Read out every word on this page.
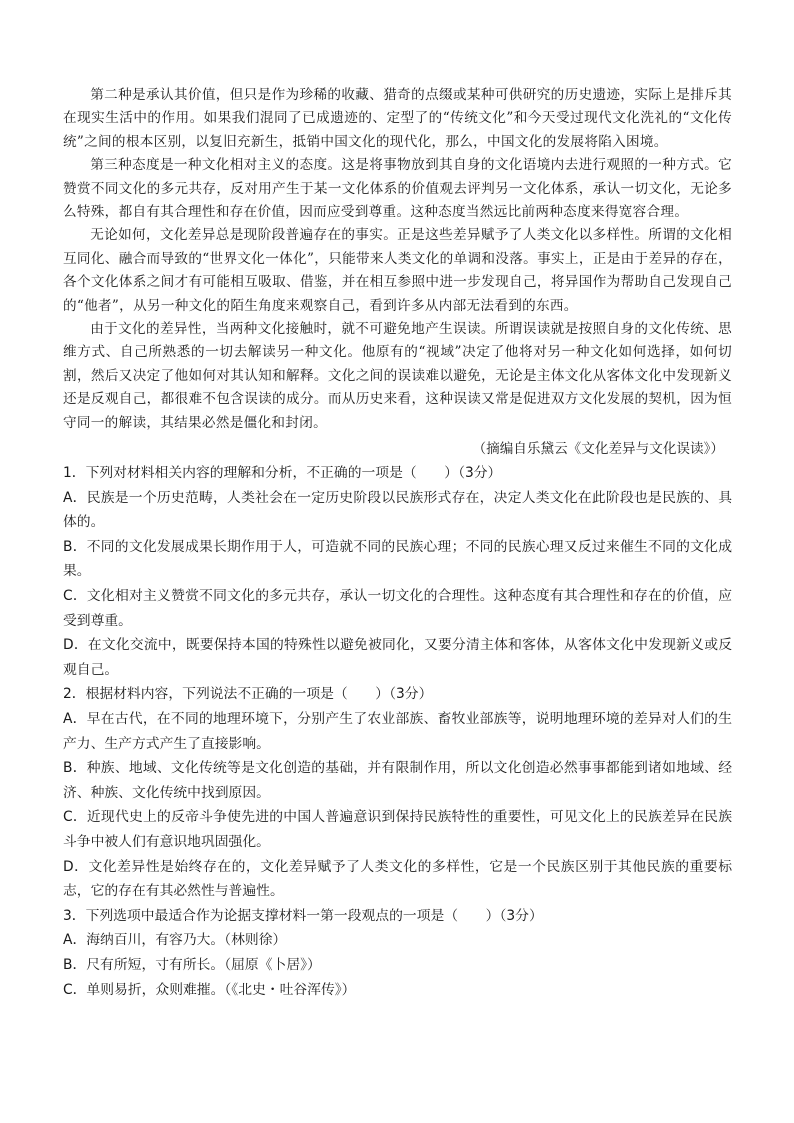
第二种是承认其价值，但只是作为珍稀的收藏、猎奇的点缀或某种可供研究的历史遗迹，实际上是排斥其在现实生活中的作用。如果我们混同了已成遗迹的、定型了的“传统文化”和今天受过现代文化洗礼的“文化传统”之间的根本区别，以复旧充新生，抵销中国文化的现代化，那么，中国文化的发展将陷入困境。

第三种态度是一种文化相对主义的态度。这是将事物放到其自身的文化语境内去进行观照的一种方式。它赞赏不同文化的多元共存，反对用产生于某一文化体系的价值观去评判另一文化体系，承认一切文化，无论多么特殊，都自有其合理性和存在价值，因而应受到尊重。这种态度当然远比前两种态度来得宽容合理。

无论如何，文化差异总是现阶段普遍存在的事实。正是这些差异赋予了人类文化以多样性。所谓的文化相互同化、融合而导致的“世界文化一体化”，只能带来人类文化的单调和没落。事实上，正是由于差异的存在，各个文化体系之间才有可能相互吸取、借鉴，并在相互参照中进一步发现自己，将异国作为帮助自己发现自己的“他者”，从另一种文化的陌生角度来观察自己，看到许多从内部无法看到的东西。

由于文化的差异性，当两种文化接触时，就不可避免地产生误读。所谓误读就是按照自身的文化传统、思维方式、自己所熟悉的一切去解读另一种文化。他原有的“视域”决定了他将对另一种文化如何选择，如何切割，然后又决定了他如何对其认知和解释。文化之间的误读难以避免，无论是主体文化从客体文化中发现新义还是反观自己，都很难不包含误读的成分。而从历史来看，这种误读又常是促进双方文化发展的契机，因为恒守同一的解读，其结果必然是僵化和封闭。

（摘编自乐黛云《文化差异与文化误读》）
1．下列对材料相关内容的理解和分析，不正确的一项是（　　）（3分）
A．民族是一个历史范畴，人类社会在一定历史阶段以民族形式存在，决定人类文化在此阶段也是民族的、具体的。
B．不同的文化发展成果长期作用于人，可造就不同的民族心理；不同的民族心理又反过来催生不同的文化成果。
C．文化相对主义赞赏不同文化的多元共存，承认一切文化的合理性。这种态度有其合理性和存在的价值，应受到尊重。
D．在文化交流中，既要保持本国的特殊性以避免被同化，又要分清主体和客体，从客体文化中发现新义或反观自己。
2．根据材料内容，下列说法不正确的一项是（　　）（3分）
A．早在古代，在不同的地理环境下，分别产生了农业部族、畜牧业部族等，说明地理环境的差异对人们的生产力、生产方式产生了直接影响。
B．种族、地域、文化传统等是文化创造的基础，并有限制作用，所以文化创造必然事事都能到诸如地域、经济、种族、文化传统中找到原因。
C．近现代史上的反帝斗争使先进的中国人普遍意识到保持民族特性的重要性，可见文化上的民族差异在民族斗争中被人们有意识地巩固强化。
D．文化差异性是始终存在的，文化差异赋予了人类文化的多样性，它是一个民族区别于其他民族的重要标志，它的存在有其必然性与普遍性。
3．下列选项中最适合作为论据支撑材料一第一段观点的一项是（　　）（3分）
A．海纳百川，有容乃大。（林则徐）
B．尺有所短，寸有所长。（屈原《卜居》）
C．单则易折，众则难摧。（《北史・吐谷浑传》）
